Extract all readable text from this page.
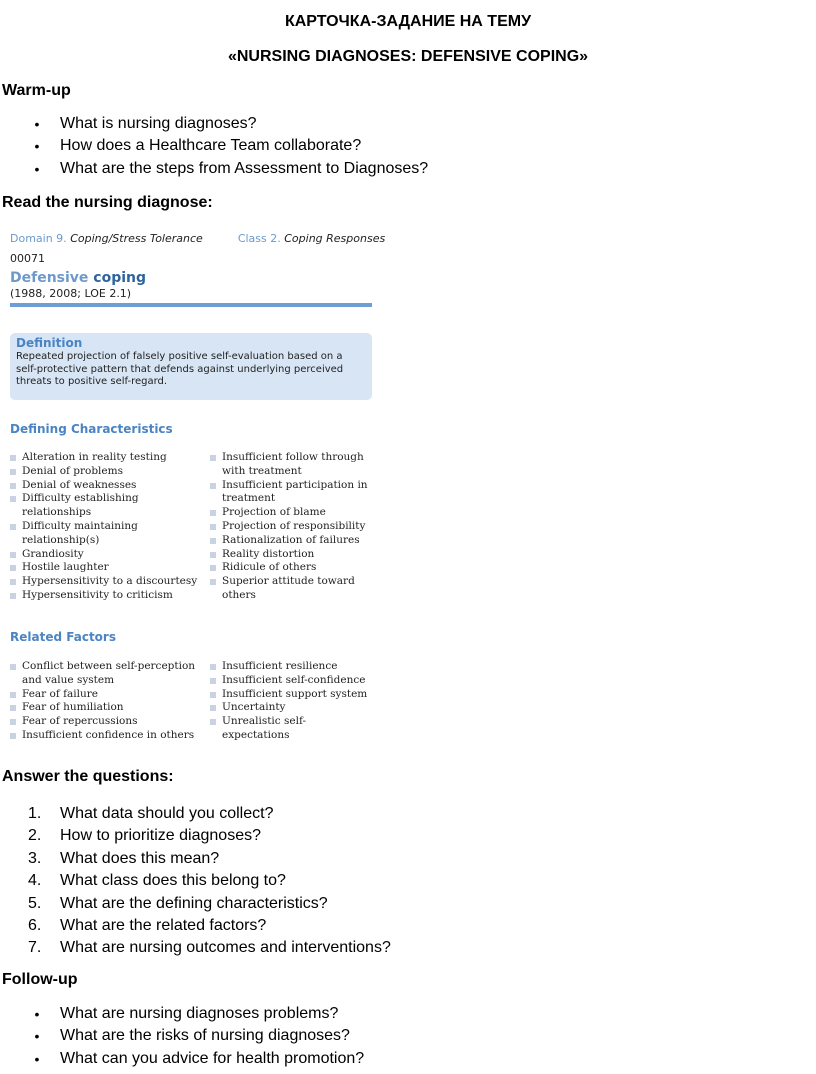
КАРТОЧКА-ЗАДАНИЕ НА ТЕМУ
«NURSING DIAGNOSES: DEFENSIVE COPING»
Warm-up
• What is nursing diagnoses?
• How does a Healthcare Team collaborate?
• What are the steps from Assessment to Diagnoses?
Read the nursing diagnose:
Domain 9. Coping/Stress Tolerance	Class 2. Coping Responses
00071
Defensive coping
(1988, 2008; LOE 2.1)
Definition
Repeated projection of falsely positive self-evaluation based on a self-protective pattern that defends against underlying perceived threats to positive self-regard.
Defining Characteristics
Alteration in reality testing
Denial of problems
Denial of weaknesses
Difficulty establishing relationships
Difficulty maintaining relationship(s)
Grandiosity
Hostile laughter
Hypersensitivity to a discourtesy
Hypersensitivity to criticism
Insufficient follow through with treatment
Insufficient participation in treatment
Projection of blame
Projection of responsibility
Rationalization of failures
Reality distortion
Ridicule of others
Superior attitude toward others
Related Factors
Conflict between self-perception and value system
Fear of failure
Fear of humiliation
Fear of repercussions
Insufficient confidence in others
Insufficient resilience
Insufficient self-confidence
Insufficient support system
Uncertainty
Unrealistic self-expectations
Answer the questions:
1. What data should you collect?
2. How to prioritize diagnoses?
3. What does this mean?
4. What class does this belong to?
5. What are the defining characteristics?
6. What are the related factors?
7. What are nursing outcomes and interventions?
Follow-up
• What are nursing diagnoses problems?
• What are the risks of nursing diagnoses?
• What can you advice for health promotion?
